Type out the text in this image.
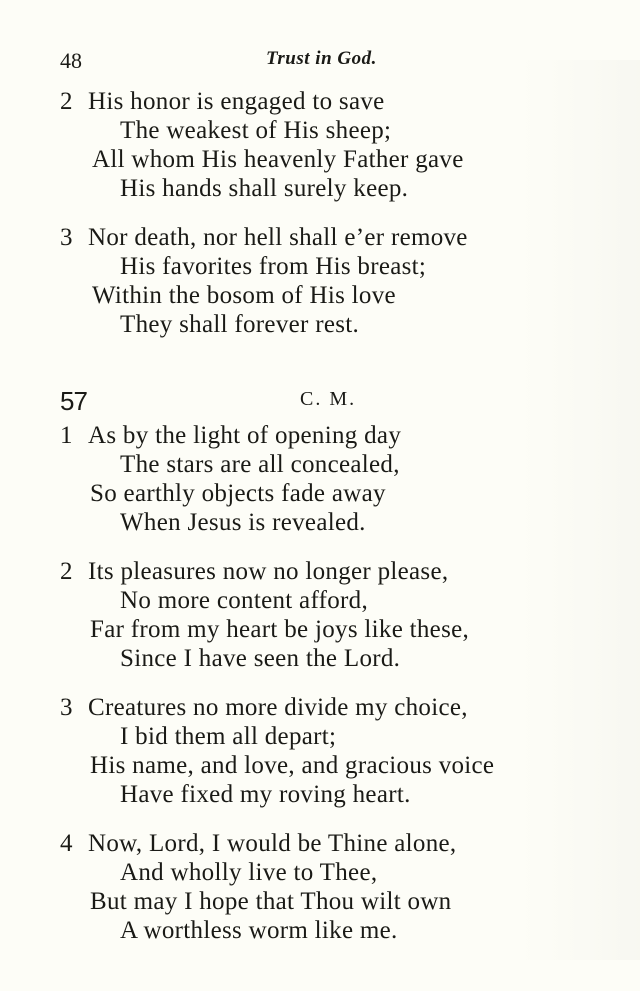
48	Trust in God.
2 His honor is engaged to save
The weakest of His sheep;
All whom His heavenly Father gave
His hands shall surely keep.
3 Nor death, nor hell shall e’er remove
His favorites from His breast;
Within the bosom of His love
They shall forever rest.
57	C. M.
1 As by the light of opening day
The stars are all concealed,
So earthly objects fade away
When Jesus is revealed.
2 Its pleasures now no longer please,
No more content afford,
Far from my heart be joys like these,
Since I have seen the Lord.
3 Creatures no more divide my choice,
I bid them all depart;
His name, and love, and gracious voice
Have fixed my roving heart.
4 Now, Lord, I would be Thine alone,
And wholly live to Thee,
But may I hope that Thou wilt own
A worthless worm like me.
